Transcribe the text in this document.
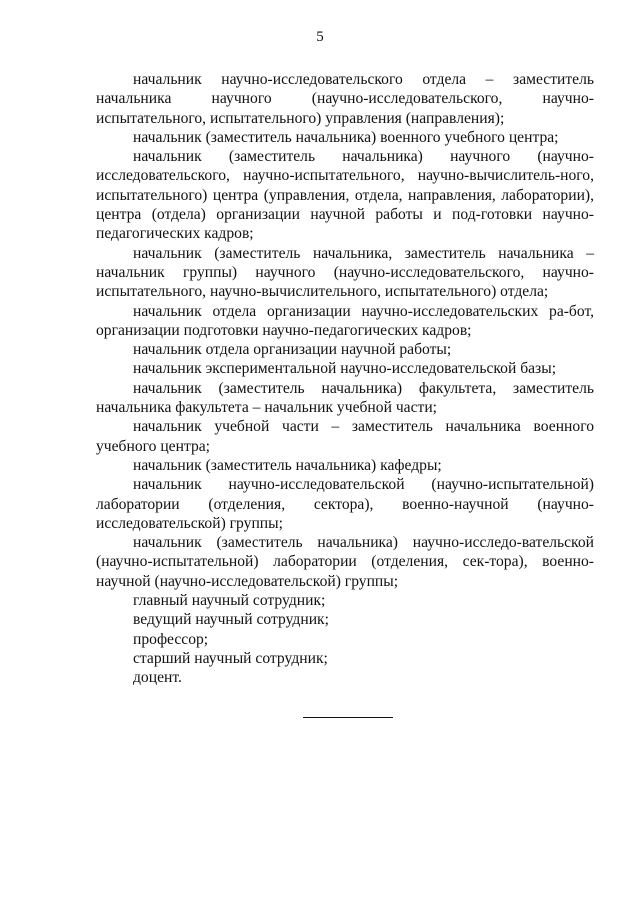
5

начальник научно-исследовательского отдела – заместитель начальника научного (научно-исследовательского, научно-испытательного, испытательного) управления (направления);

начальник (заместитель начальника) военного учебного центра;

начальник (заместитель начальника) научного (научно-исследовательского, научно-испытательного, научно-вычислитель-ного, испытательного) центра (управления, отдела, направления, лаборатории), центра (отдела) организации научной работы и под-готовки научно-педагогических кадров;

начальник (заместитель начальника, заместитель начальника – начальник группы) научного (научно-исследовательского, научно-испытательного, научно-вычислительного, испытательного) отдела;

начальник отдела организации научно-исследовательских ра-бот, организации подготовки научно-педагогических кадров;

начальник отдела организации научной работы;

начальник экспериментальной научно-исследовательской базы;

начальник (заместитель начальника) факультета, заместитель начальника факультета – начальник учебной части;

начальник учебной части – заместитель начальника военного учебного центра;

начальник (заместитель начальника) кафедры;

начальник научно-исследовательской (научно-испытательной) лаборатории (отделения, сектора), военно-научной (научно-исследовательской) группы;

начальник (заместитель начальника) научно-исследо-вательской (научно-испытательной) лаборатории (отделения, сек-тора), военно-научной (научно-исследовательской) группы;

главный научный сотрудник;

ведущий научный сотрудник;

профессор;

старший научный сотрудник;

доцент.
